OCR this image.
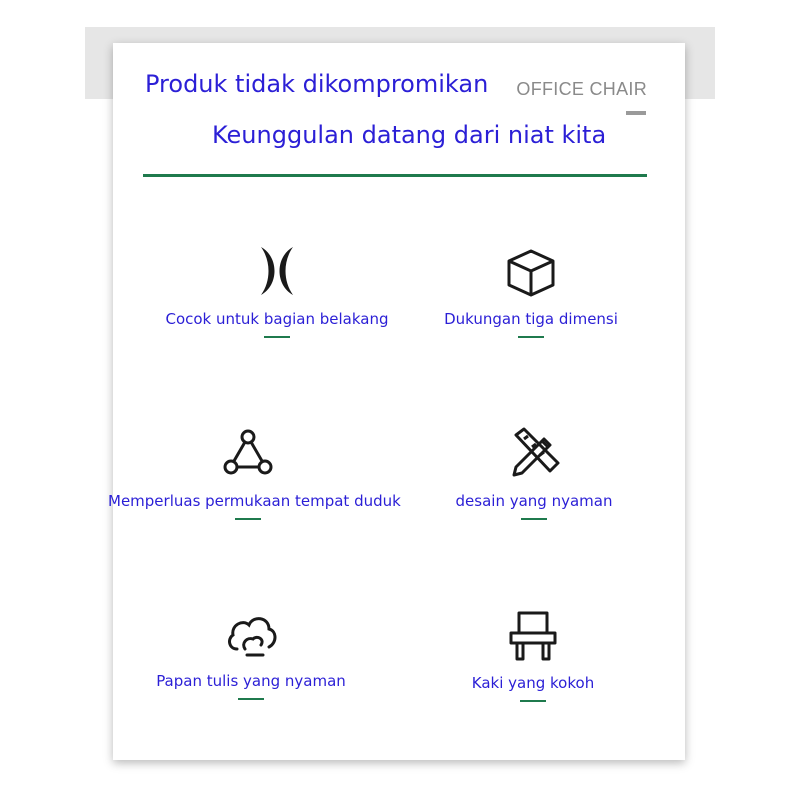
Produk tidak dikompromikan OFFICE CHAIR
Keunggulan datang dari niat kita
Cocok untuk bagian belakang	Dukungan tiga dimensi
Memperluas permukaan tempat duduk	desain yang nyaman
Papan tulis yang nyaman	Kaki yang kokoh
